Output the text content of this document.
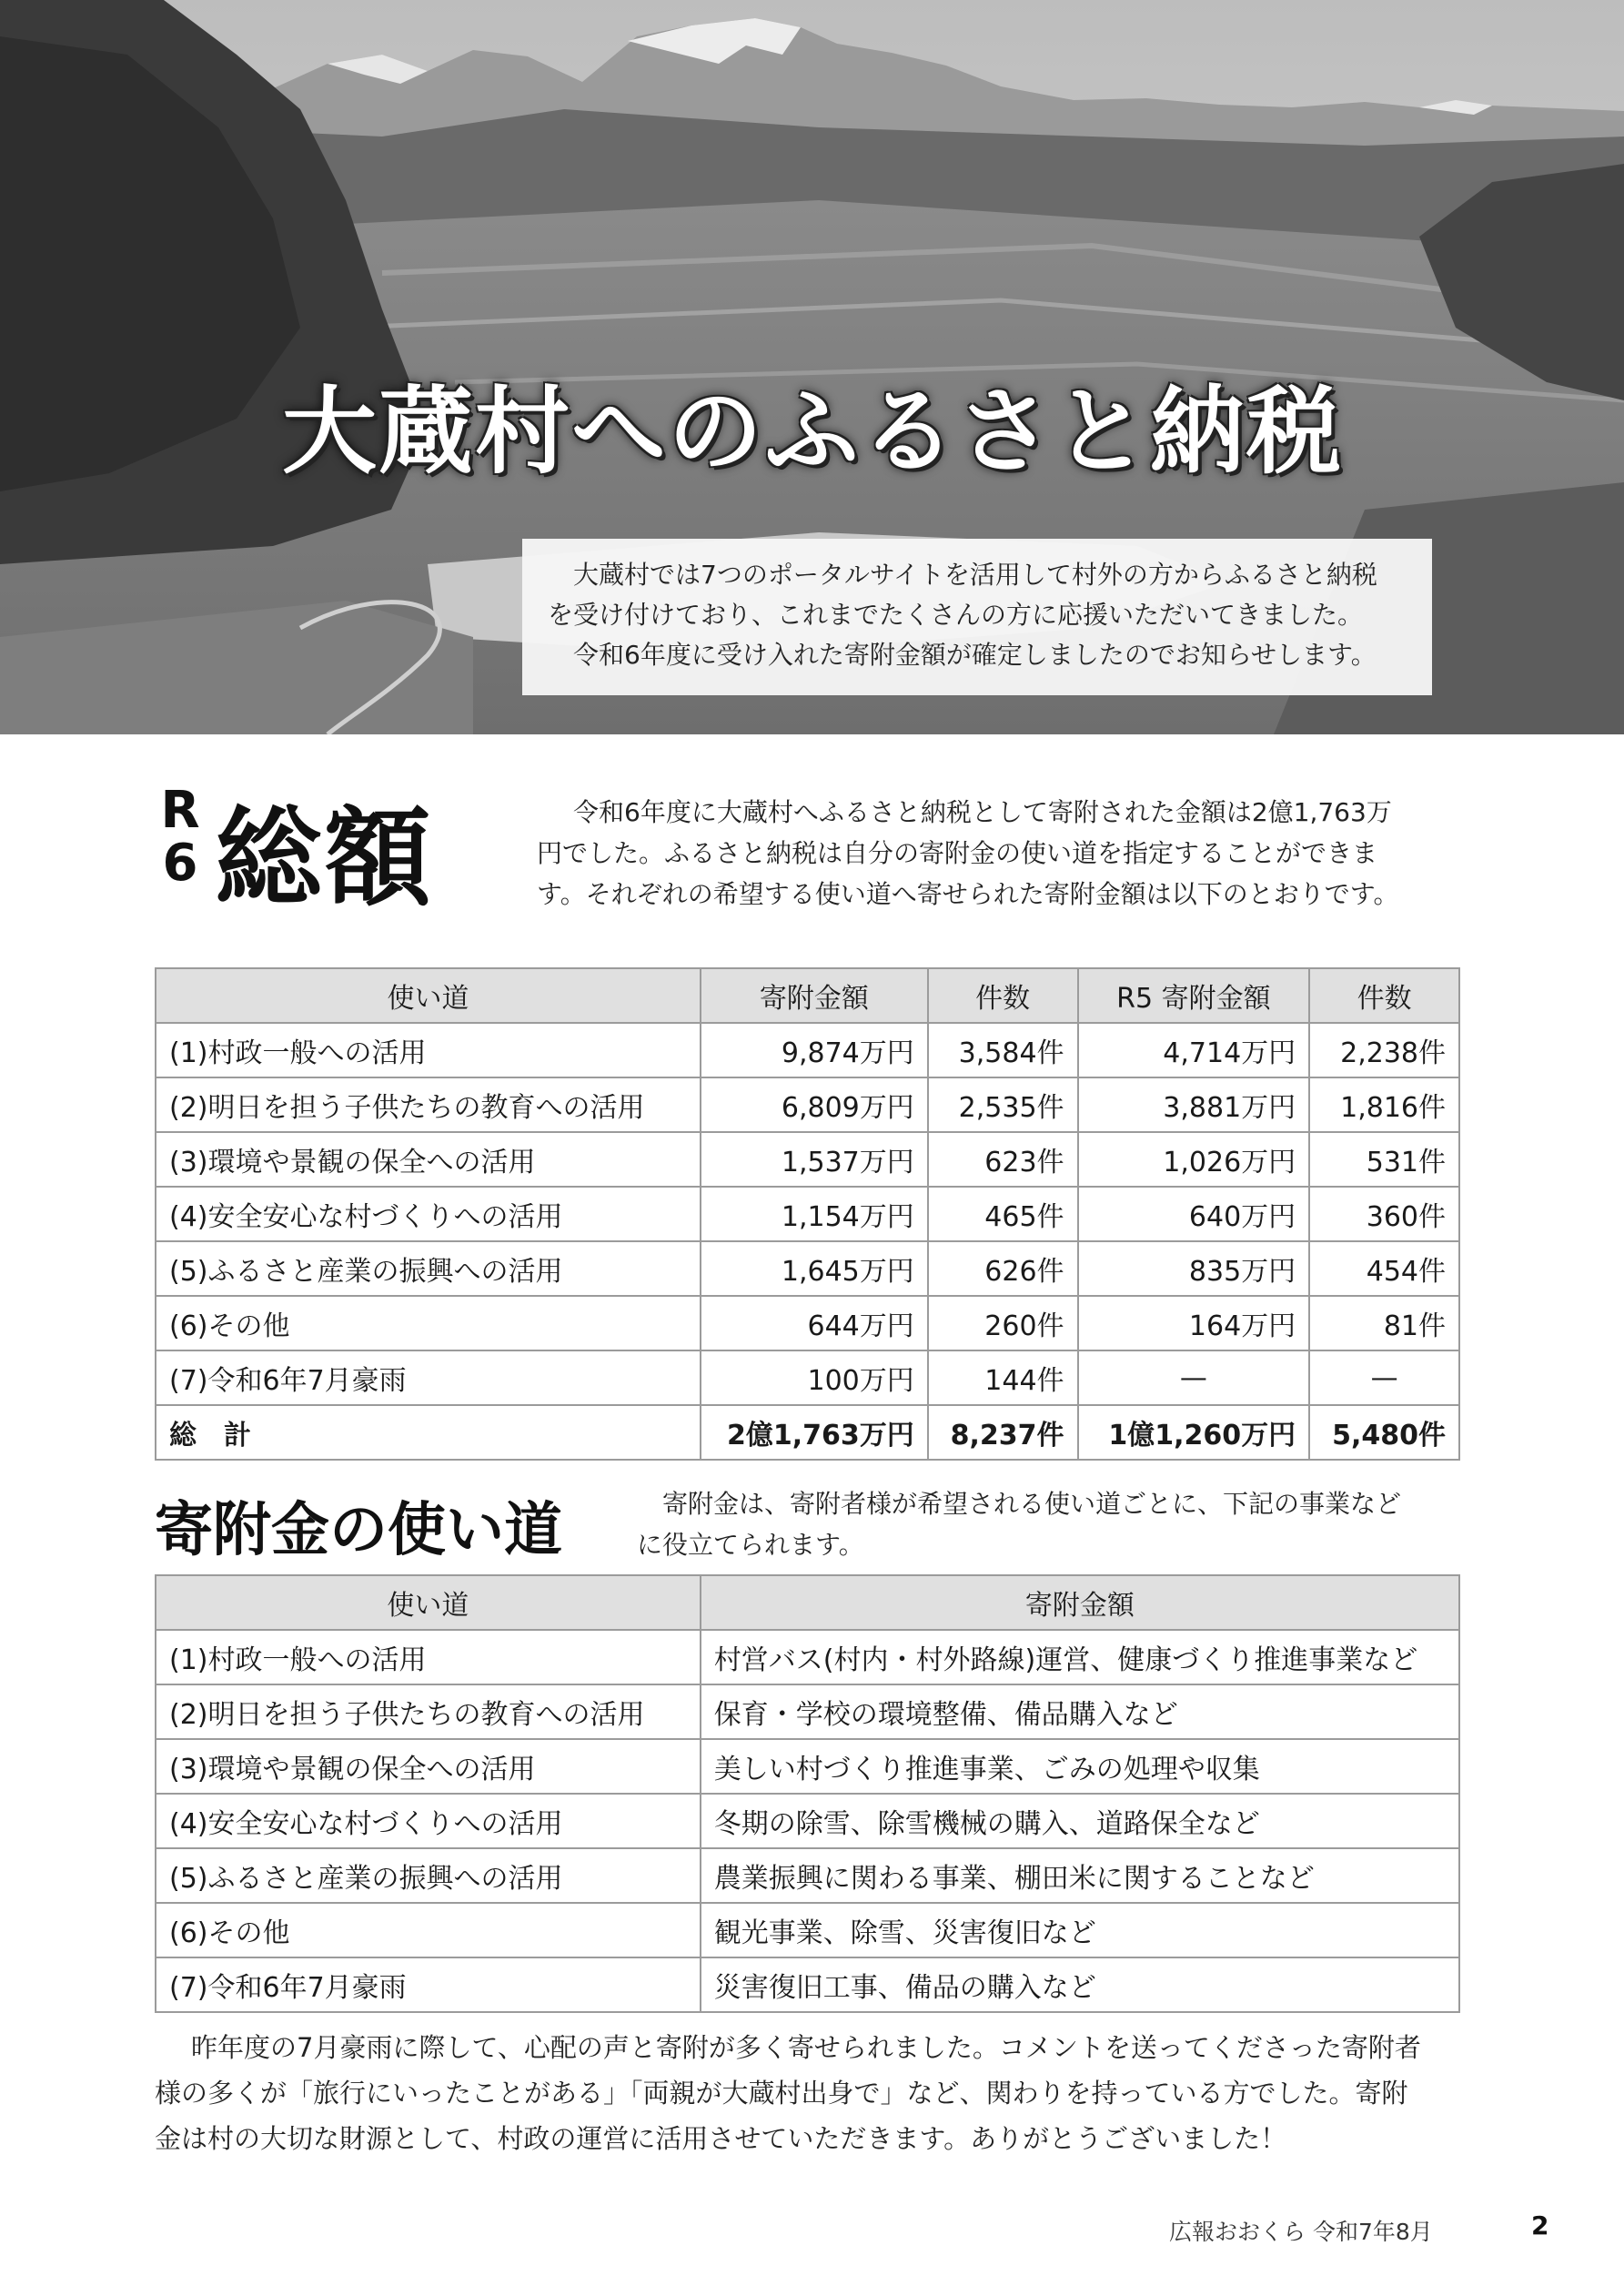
大蔵村へのふるさと納税

大蔵村では7つのポータルサイトを活用して村外の方からふるさと納税

を受け付けており、これまでたくさんの方に応援いただいてきました。

令和6年度に受け入れた寄附金額が確定しましたのでお知らせします。

R
6 総額	令和6年度に大蔵村へふるさと納税として寄附された金額は2億1,763万

円でした。ふるさと納税は自分の寄附金の使い道を指定することができま

す。それぞれの希望する使い道へ寄せられた寄附金額は以下のとおりです。

使い道	寄附金額	件数	R5 寄附金額	件数
(1)村政一般への活用	9,874万円	3,584件	4,714万円	2,238件
(2)明日を担う子供たちの教育への活用	6,809万円	2,535件	3,881万円	1,816件
(3)環境や景観の保全への活用	1,537万円	623件	1,026万円	531件
(4)安全安心な村づくりへの活用	1,154万円	465件	640万円	360件
(5)ふるさと産業の振興への活用	1,645万円	626件	835万円	454件
(6)その他	644万円	260件	164万円	81件
(7)令和6年7月豪雨	100万円	144件	—	—
総　計	2億1,763万円	8,237件	1億1,260万円	5,480件
寄附金の使い道	寄附金は、寄附者様が希望される使い道ごとに、下記の事業など

に役立てられます。

使い道	寄附金額
(1)村政一般への活用	村営バス(村内・村外路線)運営、健康づくり推進事業など
(2)明日を担う子供たちの教育への活用	保育・学校の環境整備、備品購入など
(3)環境や景観の保全への活用	美しい村づくり推進事業、ごみの処理や収集
(4)安全安心な村づくりへの活用	冬期の除雪、除雪機械の購入、道路保全など
(5)ふるさと産業の振興への活用	農業振興に関わる事業、棚田米に関することなど
(6)その他	観光事業、除雪、災害復旧など
(7)令和6年7月豪雨	災害復旧工事、備品の購入など

昨年度の7月豪雨に際して、心配の声と寄附が多く寄せられました。コメントを送ってくださった寄附者

様の多くが「旅行にいったことがある」「両親が大蔵村出身で」など、関わりを持っている方でした。寄附

金は村の大切な財源として、村政の運営に活用させていただきます。ありがとうございました！

広報おおくら 令和7年8月	2
